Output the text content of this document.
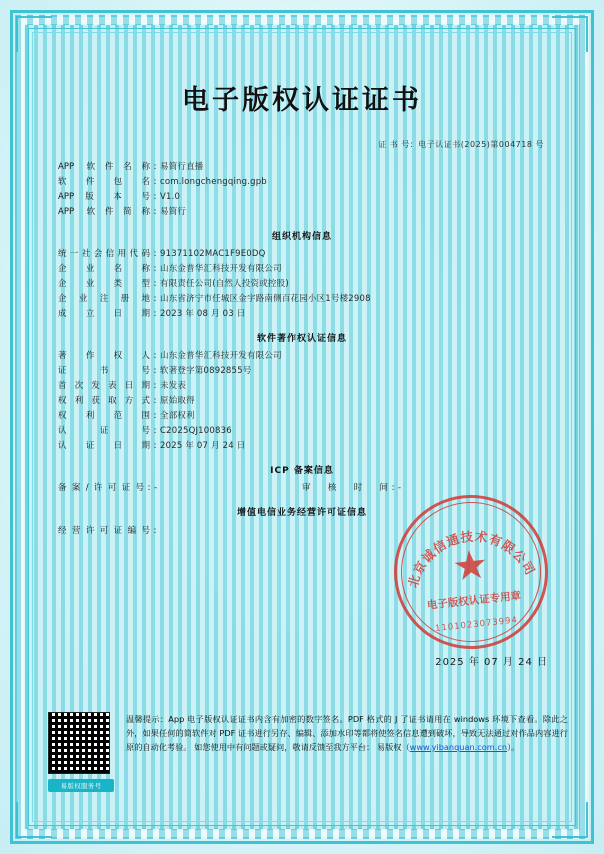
电子版权认证证书
证 书 号：电子认证书(2025)第004718 号
APP 软件名称 : 易简行直播
软 件 包 名 : com.longchengqing.gpb
APP 版 本 号 : V1.0
APP 软件简称 : 易简行
组织机构信息
统一社会信用代码 : 91371102MAC1F9E0DQ
企 业 名 称 : 山东金普华汇科技开发有限公司
企 业 类 型 : 有限责任公司(自然人投资或控股)
企 业 注 册 地 : 山东省济宁市任城区金宇路南侧百花园小区1号楼2908
成 立 日 期 : 2023 年 08 月 03 日
软件著作权认证信息
著 作 权 人 : 山东金普华汇科技开发有限公司
证 书 号 : 软著登字第0892855号
首次发表日期 : 未发表
权利获取方式 : 原始取得
权 利 范 围 : 全部权利
认 证 号 : C2025QJ100836
认 证 日 期 : 2025 年 07 月 24 日
ICP 备案信息
备案/许可证号 : -	审 核 时 间 : -
增值电信业务经营许可证信息
经营许可证编号 :
北京诚信通技术有限公司
★
电子版权认证专用章
1101023073994
2025 年 07 月 24 日
易版权服务号
温馨提示：App 电子版权认证证书内含有加密的数字签名。PDF 格式的 J 了证书请用在 windows 环境下查看。除此之外，如果任何的简软件对 PDF 证书进行另存、编辑、添加水印等都将使签名信息遭到破坏，导致无法通过对作品内容进行原的自动化考验。 如您使用中有问题或疑问，敬请反馈至我方平台： 易版权（www.yibanquan.com.cn）。
